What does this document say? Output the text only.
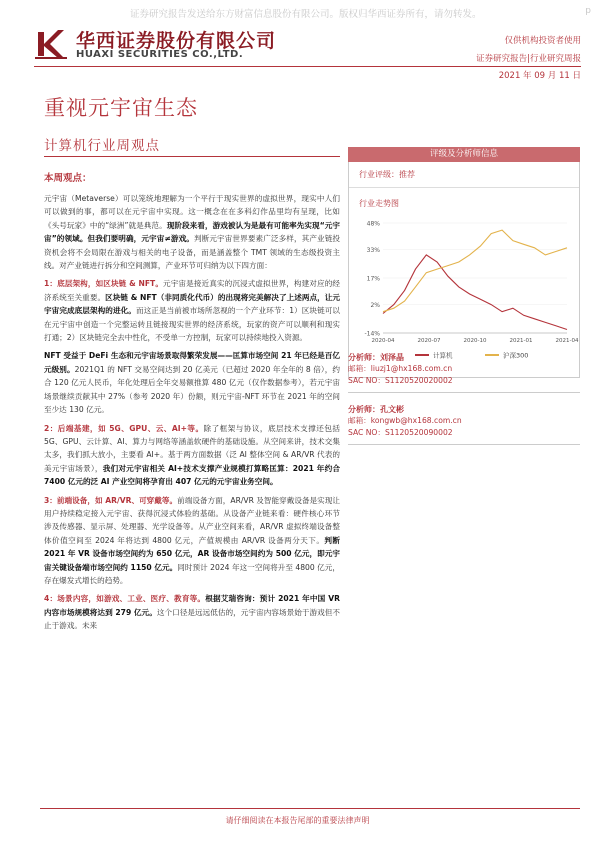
证券研究报告发送给东方财富信息股份有限公司。版权归华西证券所有，请勿转发。	p
华西证券股份有限公司
HUAXI SECURITIES CO.,LTD.
仅供机构投资者使用
证券研究报告|行业研究周报
2021 年 09 月 11 日
重视元宇宙生态
计算机行业周观点
本周观点：

元宇宙（Metaverse）可以笼统地理解为一个平行于现实世界的虚拟世界，现实中人们可以做到的事，都可以在元宇宙中实现。这一概念在在多科幻作品里均有呈现，比如《头号玩家》中的“绿洲”就是典范。现阶段来看，游戏被认为是最有可能率先实现“元宇宙”的领域。但我们要明确，元宇宙≠游戏。判断元宇宙世界要素广泛多样，其产业链投资机会将不会局限在游戏与相关的电子设备，而是涵盖整个 TMT 领域的生态级投资主线。对产业链进行拆分和空间测算，产业环节可归纳为以下四方面：

1：底层架构，如区块链 & NFT。元宇宙是接近真实的沉浸式虚拟世界，构建对应的经济系统至关重要。区块链 & NFT（非同质化代币）的出现将完美解决了上述两点，让元宇宙完成底层架构的进化。而这正是当前被市场所忽视的一个产业环节：1）区块链可以在元宇宙中创造一个完整运转且链接现实世界的经济系统，玩家的资产可以顺利和现实打通；2）区块链完全去中性化，不受单一方控制，玩家可以持续地投入资源。

NFT 受益于 DeFi 生态和元宇宙场景取得繁荣发展——匡算市场空间 21 年已经是百亿元级别。2021Q1 的 NFT 交易空间达到 20 亿美元（已超过 2020 年全年的 8 倍），约合 120 亿元人民币，年化处理后全年交易额推算 480 亿元（仅作数据参考），若元宇宙场景继续贡献其中 27%（参考 2020 年）份额，则元宇宙-NFT 环节在 2021 年的空间至少达 130 亿元。

2：后端基建，如 5G、GPU、云、AI+等。除了框架与协议，底层技术支撑还包括 5G、GPU、云计算、AI、算力与网络等涵盖软硬件的基础设施。从空间来讲，技术交集太多，我们抓大放小，主要看 AI+。基于两方面数据（泛 AI 整体空间 & AR/VR 代表的美元宇宙场景），我们对元宇宙相关 AI+技术支撑产业规模打算略匡算：2021 年约合 7400 亿元的泛 AI 产业空间将孕育出 407 亿元的元宇宙业务空间。

3：前端设备，如 AR/VR、可穿戴等。前端设备方面，AR/VR 及智能穿戴设备是实现让用户持续稳定接入元宇宙、获得沉浸式体验的基础。从设备产业链来看：硬件核心环节涉及传感器、显示屏、处理器、光学设备等。从产业空间来看，AR/VR 虚拟终端设备整体价值空间至 2024 年将达到 4800 亿元，产值规模由 AR/VR 设备两分天下。判断 2021 年 VR 设备市场空间约为 650 亿元，AR 设备市场空间约为 500 亿元，即元宇宙关键设备端市场空间约 1150 亿元。同时预计 2024 年这一空间将升至 4800 亿元，存在爆发式增长的趋势。

4：场景内容，如游戏、工业、医疗、教育等。根据艾瑞咨询：预计 2021 年中国 VR 内容市场规模将达到 279 亿元。这个口径是远远低估的，元宇宙内容场景始于游戏但不止于游戏。未来

评级及分析师信息
行业评级：推荐
行业走势图
-14%
2%
17%
33%
48%
2020-04	2020-07	2020-10	2021-01	2021-04
计算机	沪深300
分析师：刘泽晶
邮箱：liuzj1@hx168.com.cn
SAC NO：S1120520020002
分析师：孔文彬
邮箱：kongwb@hx168.com.cn
SAC NO：S1120520090002
请仔细阅读在本报告尾部的重要法律声明
